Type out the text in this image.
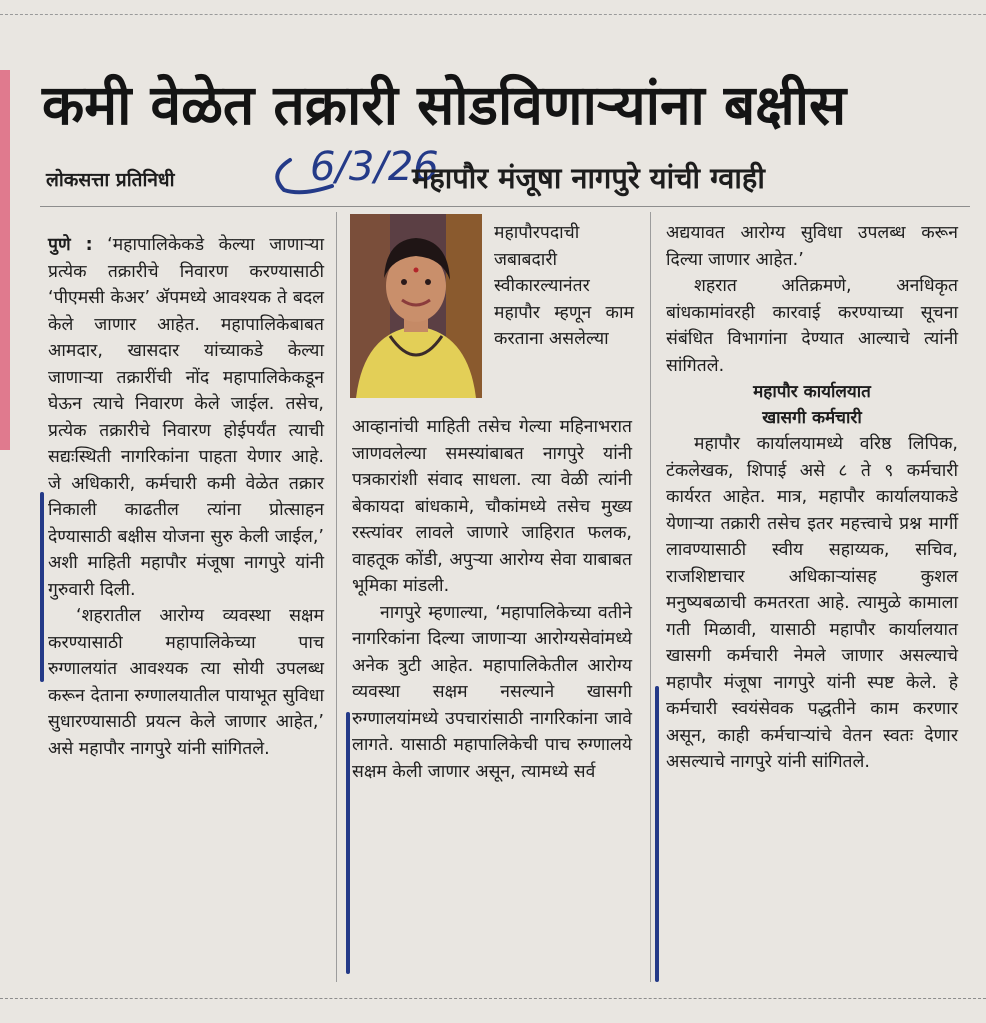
कमी वेळेत तक्रारी सोडविणाऱ्यांना बक्षीस
6/3/26
लोकसत्ता प्रतिनिधी	महापौर मंजूषा नागपुरे यांची ग्वाही

पुणे : ‘महापालिकेकडे केल्या जाणाऱ्या प्रत्येक तक्रारीचे निवारण करण्यासाठी ‘पीएमसी केअर’ ॲपमध्ये आवश्यक ते बदल केले जाणार आहेत. महापालिकेबाबत आमदार, खासदार यांच्याकडे केल्या जाणाऱ्या तक्रारींची नोंद महापालिकेकडून घेऊन त्याचे निवारण केले जाईल. तसेच, प्रत्येक तक्रारीचे निवारण होईपर्यंत त्याची सद्यःस्थिती नागरिकांना पाहता येणार आहे. जे अधिकारी, कर्मचारी कमी वेळेत तक्रार निकाली काढतील त्यांना प्रोत्साहन देण्यासाठी बक्षीस योजना सुरु केली जाईल,’ अशी माहिती महापौर मंजूषा नागपुरे यांनी गुरुवारी दिली.

‘शहरातील आरोग्य व्यवस्था सक्षम करण्यासाठी महापालिकेच्या पाच रुग्णालयांत आवश्यक त्या सोयी उपलब्ध करून देताना रुग्णालयातील पायाभूत सुविधा सुधारण्यासाठी प्रयत्न केले जाणार आहेत,’ असे महापौर नागपुरे यांनी सांगितले.

महापौरपदाची जबाबदारी स्वीकारल्यानंतर महापौर म्हणून काम करताना असलेल्या

आव्हानांची माहिती तसेच गेल्या महिनाभरात जाणवलेल्या समस्यांबाबत नागपुरे यांनी पत्रकारांशी संवाद साधला. त्या वेळी त्यांनी बेकायदा बांधकामे, चौकांमध्ये तसेच मुख्य रस्त्यांवर लावले जाणारे जाहिरात फलक, वाहतूक कोंडी, अपुऱ्या आरोग्य सेवा याबाबत भूमिका मांडली.

नागपुरे म्हणाल्या, ‘महापालिकेच्या वतीने नागरिकांना दिल्या जाणाऱ्या आरोग्यसेवांमध्ये अनेक त्रुटी आहेत. महापालिकेतील आरोग्य व्यवस्था सक्षम नसल्याने खासगी रुग्णालयांमध्ये उपचारांसाठी नागरिकांना जावे लागते. यासाठी महापालिकेची पाच रुग्णालये सक्षम केली जाणार असून, त्यामध्ये सर्व

अद्ययावत आरोग्य सुविधा उपलब्ध करून दिल्या जाणार आहेत.’

शहरात अतिक्रमणे, अनधिकृत बांधकामांवरही कारवाई करण्याच्या सूचना संबंधित विभागांना देण्यात आल्याचे त्यांनी सांगितले.

महापौर कार्यालयात
खासगी कर्मचारी

महापौर कार्यालयामध्ये वरिष्ठ लिपिक, टंकलेखक, शिपाई असे ८ ते ९ कर्मचारी कार्यरत आहेत. मात्र, महापौर कार्यालयाकडे येणाऱ्या तक्रारी तसेच इतर महत्त्वाचे प्रश्न मार्गी लावण्यासाठी स्वीय सहाय्यक, सचिव, राजशिष्टाचार अधिकाऱ्यांसह कुशल मनुष्यबळाची कमतरता आहे. त्यामुळे कामाला गती मिळावी, यासाठी महापौर कार्यालयात खासगी कर्मचारी नेमले जाणार असल्याचे महापौर मंजूषा नागपुरे यांनी स्पष्ट केले. हे कर्मचारी स्वयंसेवक पद्धतीने काम करणार असून, काही कर्मचाऱ्यांचे वेतन स्वतः देणार असल्याचे नागपुरे यांनी सांगितले.
